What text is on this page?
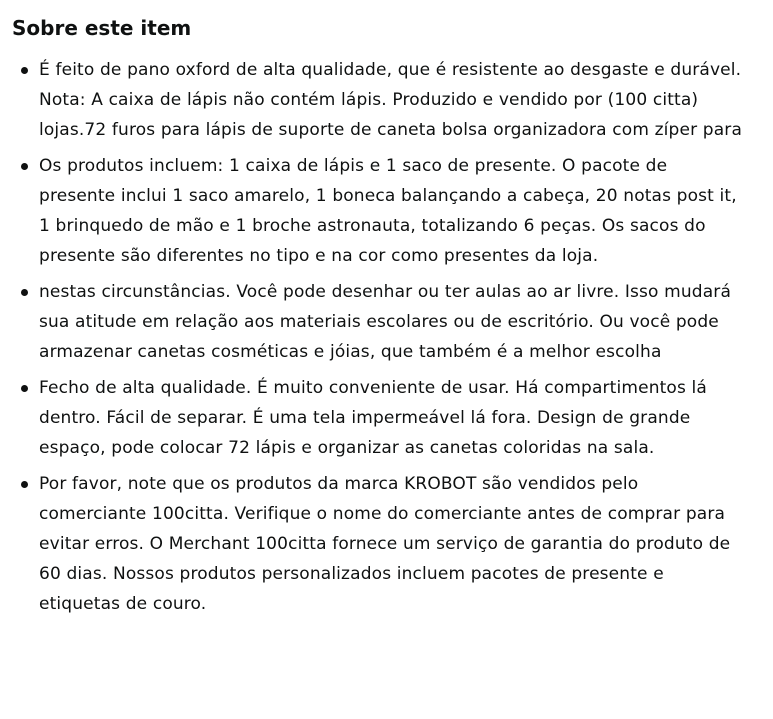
Sobre este item
É feito de pano oxford de alta qualidade, que é resistente ao desgaste e durável. Nota: A caixa de lápis não contém lápis. Produzido e vendido por (100 citta) lojas.72 furos para lápis de suporte de caneta bolsa organizadora com zíper para
Os produtos incluem: 1 caixa de lápis e 1 saco de presente. O pacote de presente inclui 1 saco amarelo, 1 boneca balançando a cabeça, 20 notas post it, 1 brinquedo de mão e 1 broche astronauta, totalizando 6 peças. Os sacos do presente são diferentes no tipo e na cor como presentes da loja.
nestas circunstâncias. Você pode desenhar ou ter aulas ao ar livre. Isso mudará sua atitude em relação aos materiais escolares ou de escritório. Ou você pode armazenar canetas cosméticas e jóias, que também é a melhor escolha
Fecho de alta qualidade. É muito conveniente de usar. Há compartimentos lá dentro. Fácil de separar. É uma tela impermeável lá fora. Design de grande espaço, pode colocar 72 lápis e organizar as canetas coloridas na sala.
Por favor, note que os produtos da marca KROBOT são vendidos pelo comerciante 100citta. Verifique o nome do comerciante antes de comprar para evitar erros. O Merchant 100citta fornece um serviço de garantia do produto de 60 dias. Nossos produtos personalizados incluem pacotes de presente e etiquetas de couro.
